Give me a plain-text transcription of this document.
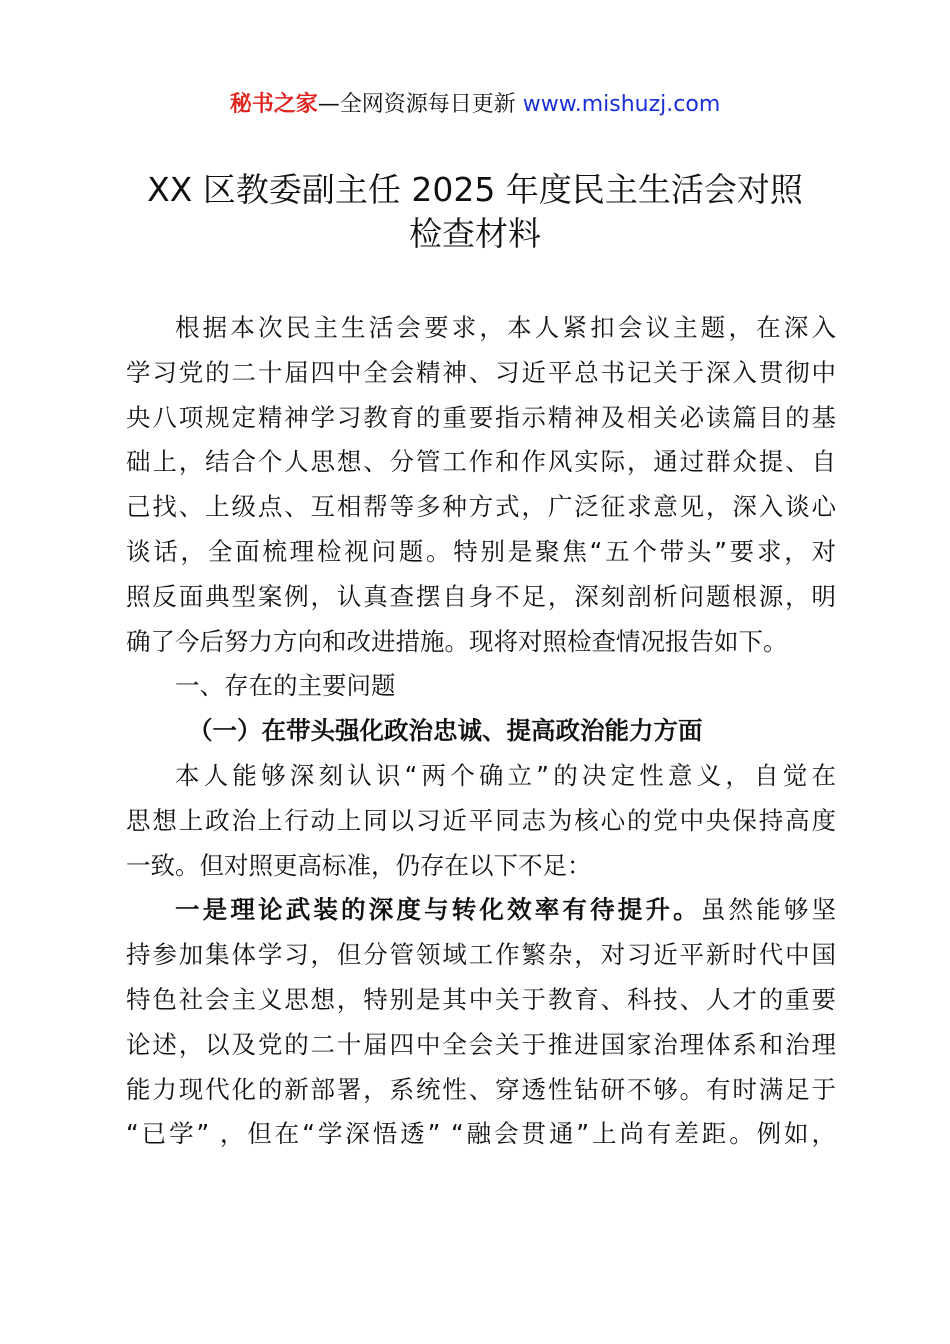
秘书之家—全网资源每日更新 www.mishuzj.com
XX 区教委副主任 2025 年度民主生活会对照
检查材料
根据本次民主生活会要求，本人紧扣会议主题，在深入
学习党的二十届四中全会精神、习近平总书记关于深入贯彻中
央八项规定精神学习教育的重要指示精神及相关必读篇目的基
础上，结合个人思想、分管工作和作风实际，通过群众提、自
己找、上级点、互相帮等多种方式，广泛征求意见，深入谈心
谈话，全面梳理检视问题。特别是聚焦“五个带头”要求，对
照反面典型案例，认真查摆自身不足，深刻剖析问题根源，明
确了今后努力方向和改进措施。现将对照检查情况报告如下。
一、存在的主要问题
（一）在带头强化政治忠诚、提高政治能力方面
本人能够深刻认识“两个确立”的决定性意义，自觉在
思想上政治上行动上同以习近平同志为核心的党中央保持高度
一致。但对照更高标准，仍存在以下不足：
一是理论武装的深度与转化效率有待提升。虽然能够坚
持参加集体学习，但分管领域工作繁杂，对习近平新时代中国
特色社会主义思想，特别是其中关于教育、科技、人才的重要
论述，以及党的二十届四中全会关于推进国家治理体系和治理
能力现代化的新部署，系统性、穿透性钻研不够。有时满足于
“已学” ，但在“学深悟透” “融会贯通”上尚有差距。例如，
